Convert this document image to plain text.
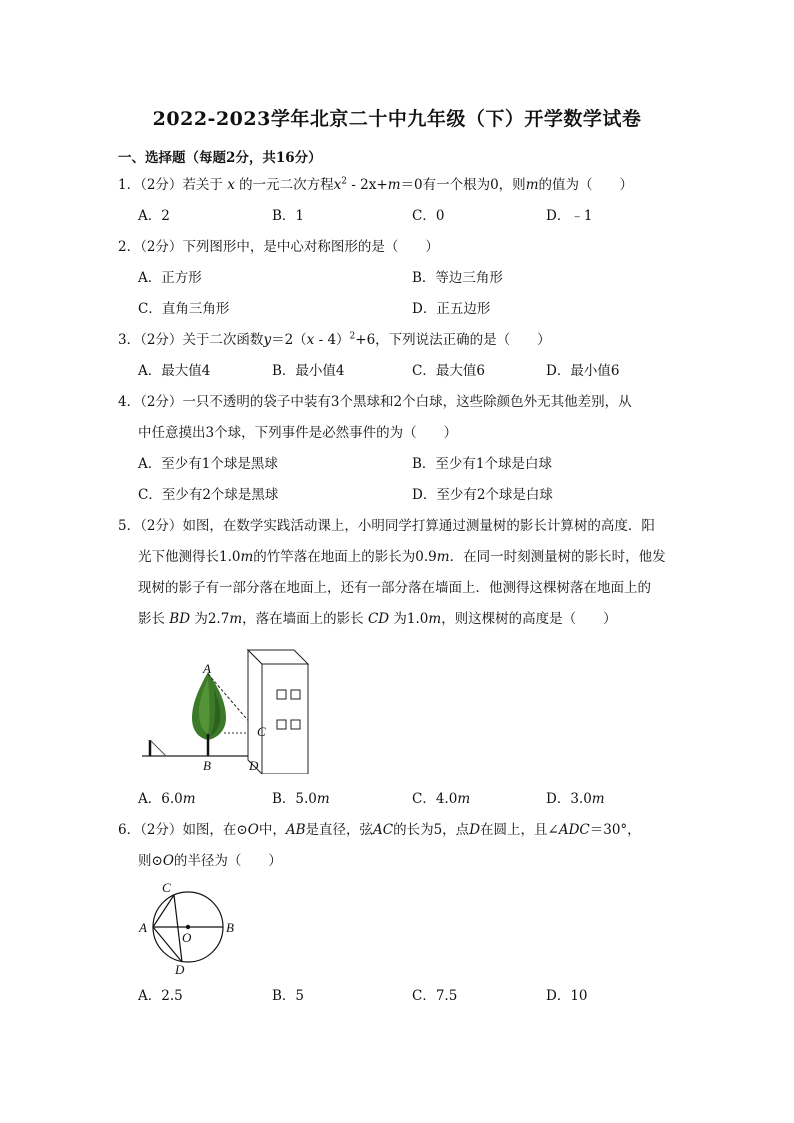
2022-2023学年北京二十中九年级（下）开学数学试卷
一、选择题（每题2分，共16分）
1．（2分）若关于 x 的一元二次方程$x^2 - 2x+m=0$有一个根为0，则m的值为（　　）
A．2	B．1	C．0	D．﹣1
2．（2分）下列图形中，是中心对称图形的是（　　）
A．正方形	B．等边三角形
C．直角三角形	D．正五边形
3．（2分）关于二次函数y＝2（x - 4）$^2$+6，下列说法正确的是（　　）
A．最大值4	B．最小值4	C．最大值6	D．最小值6
4．（2分）一只不透明的袋子中装有3个黑球和2个白球，这些除颜色外无其他差别，从
中任意摸出3个球，下列事件是必然事件的为（　　）
A．至少有1个球是黑球	B．至少有1个球是白球
C．至少有2个球是黑球	D．至少有2个球是白球
5．（2分）如图，在数学实践活动课上，小明同学打算通过测量树的影长计算树的高度．阳
光下他测得长1.0m的竹竿落在地面上的影长为0.9m．在同一时刻测量树的影长时，他发
现树的影子有一部分落在地面上，还有一部分落在墙面上．他测得这棵树落在地面上的
影长 BD 为2.7m，落在墙面上的影长 CD 为1.0m，则这棵树的高度是（　　）
A
B
C
D
A．6.0m	B．5.0m	C．4.0m	D．3.0m
6．（2分）如图，在⊙O中，AB是直径，弦AC的长为5，点D在圆上，且∠ADC＝30°，
则⊙O的半径为（　　）
C
A	B
O
D
A．2.5	B．5	C．7.5	D．10
